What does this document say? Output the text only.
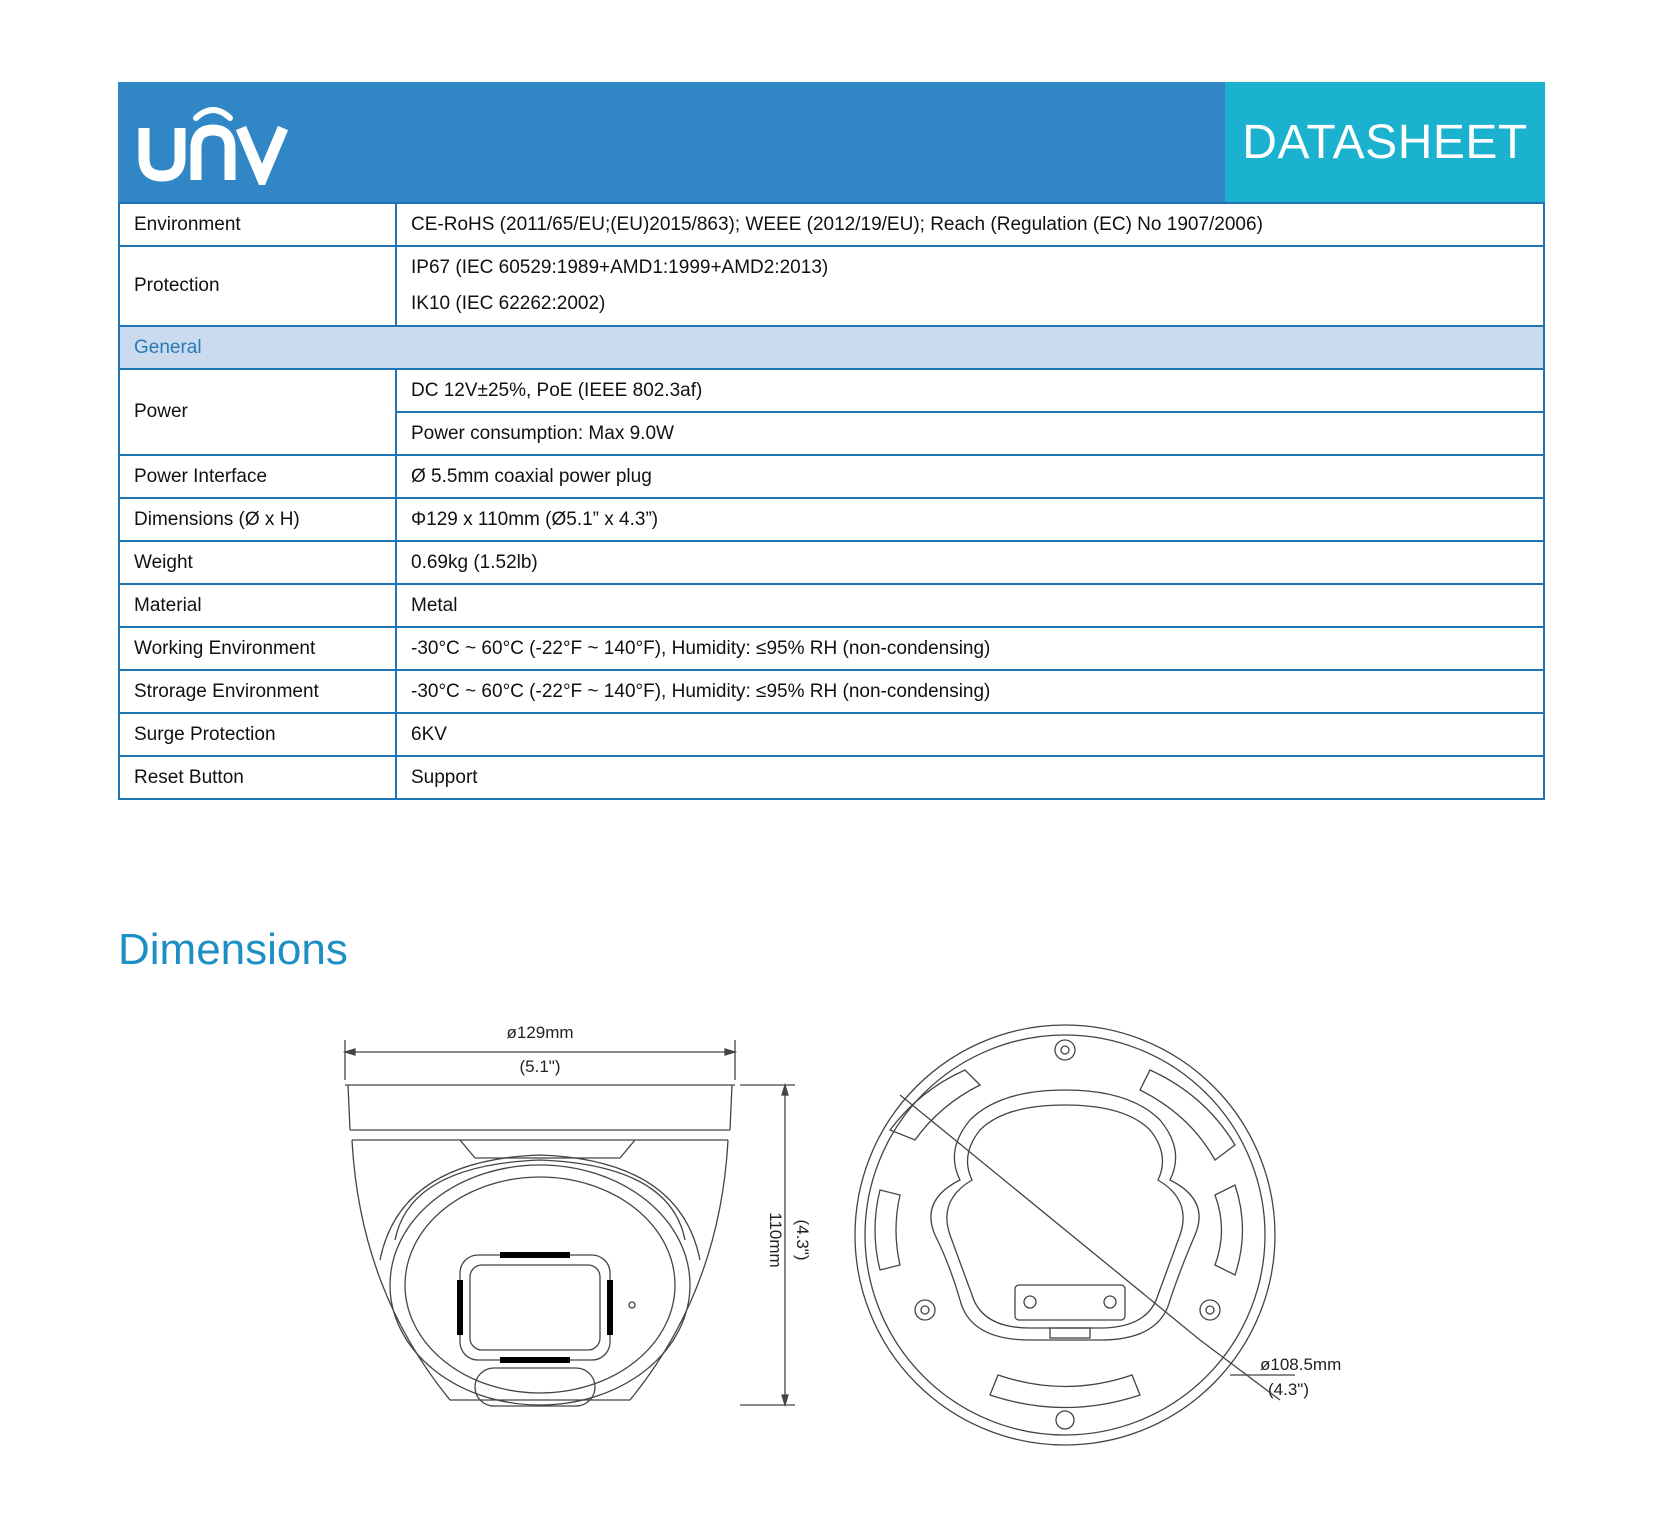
DATASHEET
Environment	CE-RoHS (2011/65/EU;(EU)2015/863); WEEE (2012/19/EU); Reach (Regulation (EC) No 1907/2006)
Protection	IP67 (IEC 60529:1989+AMD1:1999+AMD2:2013)
IK10 (IEC 62262:2002)

General	
Power	DC 12V±25%, PoE (IEEE 802.3af)
	Power consumption: Max 9.0W
Power Interface	Ø 5.5mm coaxial power plug
Dimensions (Ø x H)	Φ129 x 110mm (Ø5.1” x 4.3”)
Weight	0.69kg (1.52lb)
Material	Metal
Working Environment	-30°C ~ 60°C (-22°F ~ 140°F), Humidity: ≤95% RH (non-condensing)
Strorage Environment	-30°C ~ 60°C (-22°F ~ 140°F), Humidity: ≤95% RH (non-condensing)
Surge Protection	6KV
Reset Button	Support
Dimensions
ø129mm
(5.1")
110mm (4.3")
ø108.5mm
(4.3")
